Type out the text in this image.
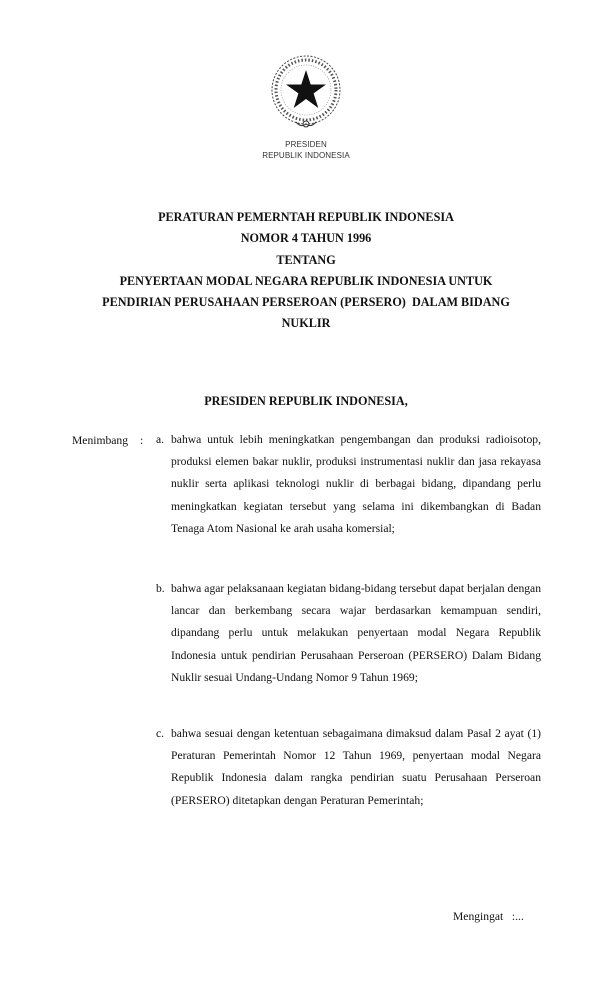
PRESIDEN
REPUBLIK INDONESIA
PERATURAN PEMERNTAH REPUBLIK INDONESIA
NOMOR 4 TAHUN 1996
TENTANG
PENYERTAAN MODAL NEGARA REPUBLIK INDONESIA UNTUK
PENDIRIAN PERUSAHAAN PERSEROAN (PERSERO)  DALAM BIDANG
NUKLIR
PRESIDEN REPUBLIK INDONESIA,
Menimbang : a. bahwa untuk lebih meningkatkan pengembangan dan produksi radioisotop, produksi elemen bakar nuklir, produksi instrumentasi nuklir dan jasa rekayasa nuklir serta aplikasi teknologi nuklir di berbagai bidang, dipandang perlu meningkatkan kegiatan tersebut yang selama ini dikembangkan di Badan Tenaga Atom Nasional ke arah usaha komersial;
b. bahwa agar pelaksanaan kegiatan bidang-bidang tersebut dapat berjalan dengan lancar dan berkembang secara wajar berdasarkan kemampuan sendiri, dipandang perlu untuk melakukan penyertaan modal Negara Republik Indonesia untuk pendirian Perusahaan Perseroan (PERSERO) Dalam Bidang Nuklir sesuai Undang-Undang Nomor 9 Tahun 1969;
c. bahwa sesuai dengan ketentuan sebagaimana dimaksud dalam Pasal 2 ayat (1) Peraturan Pemerintah Nomor 12 Tahun 1969, penyertaan modal Negara Republik Indonesia dalam rangka pendirian suatu Perusahaan Perseroan (PERSERO) ditetapkan dengan Peraturan Pemerintah;
Mengingat   :...
